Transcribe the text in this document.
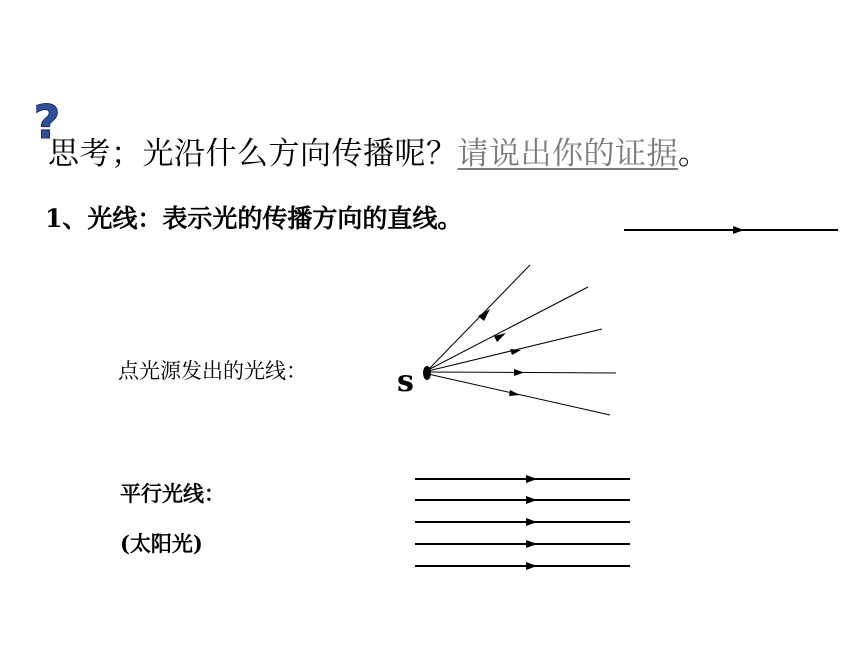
?
思考；光沿什么方向传播呢？请说出你的证据。
1、光线：表示光的传播方向的直线。
点光源发出的光线：	s
平行光线：
(太阳光)
